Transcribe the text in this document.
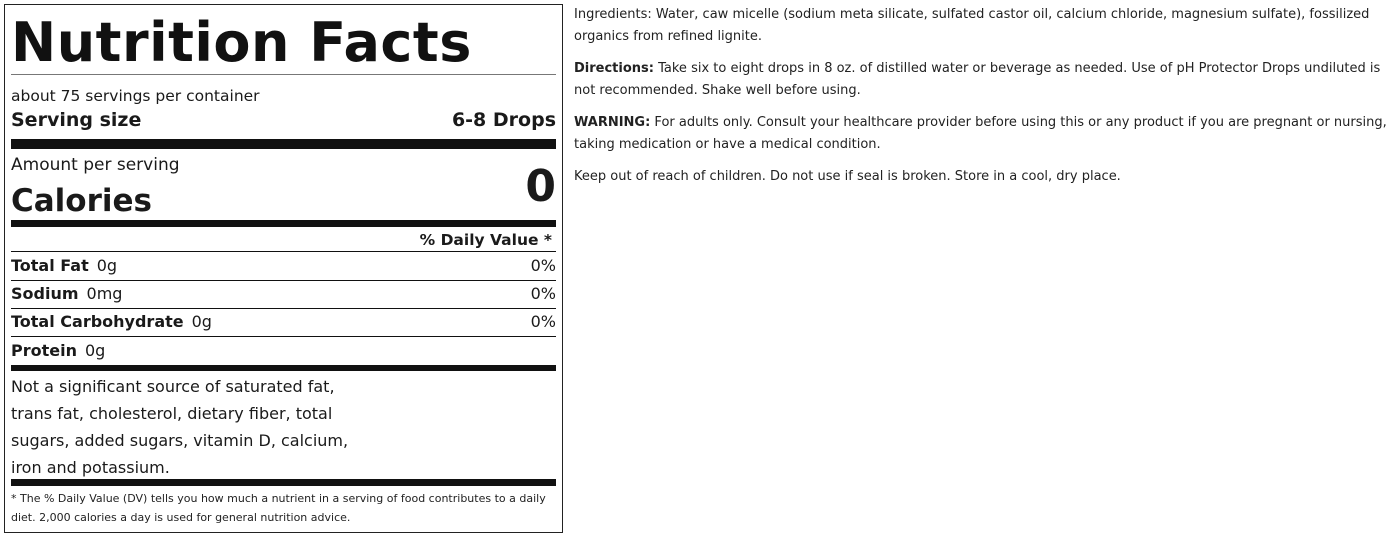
Nutrition Facts
about 75 servings per container
Serving size	6-8 Drops
Amount per serving
Calories	0
% Daily Value *
Total Fat 0g	0%
Sodium 0mg	0%
Total Carbohydrate 0g	0%
Protein 0g
Not a significant source of saturated fat, trans fat, cholesterol, dietary fiber, total sugars, added sugars, vitamin D, calcium, iron and potassium.
* The % Daily Value (DV) tells you how much a nutrient in a serving of food contributes to a daily diet. 2,000 calories a day is used for general nutrition advice.

Ingredients: Water, caw micelle (sodium meta silicate, sulfated castor oil, calcium chloride, magnesium sulfate), fossilized organics from refined lignite.

Directions: Take six to eight drops in 8 oz. of distilled water or beverage as needed. Use of pH Protector Drops undiluted is not recommended. Shake well before using.

WARNING: For adults only. Consult your healthcare provider before using this or any product if you are pregnant or nursing, taking medication or have a medical condition.

Keep out of reach of children. Do not use if seal is broken. Store in a cool, dry place.
